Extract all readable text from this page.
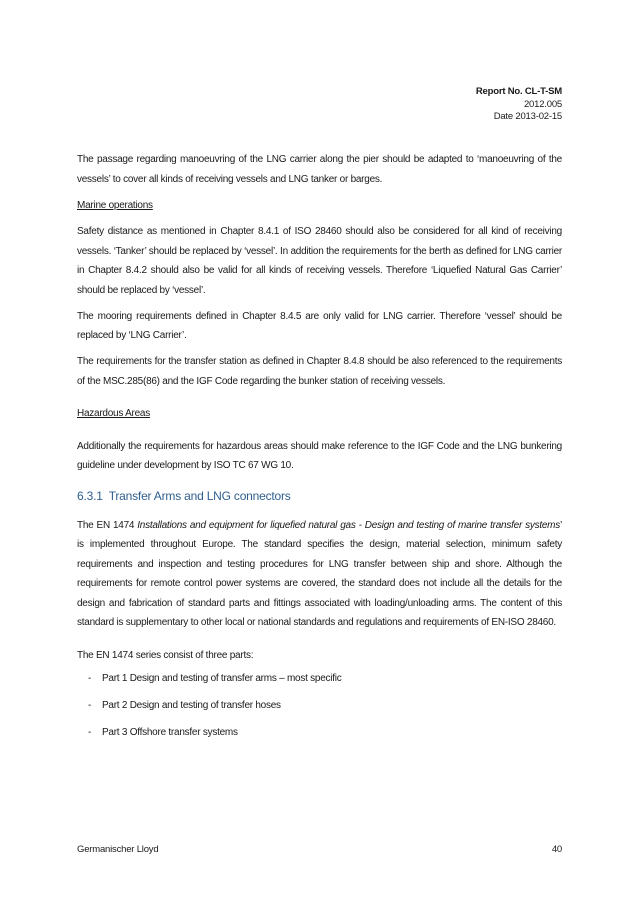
Report No. CL-T-SM
2012.005
Date 2013-02-15

The passage regarding manoeuvring of the LNG carrier along the pier should be adapted to ‘manoeuvring of the vessels’ to cover all kinds of receiving vessels and LNG tanker or barges.

Marine operations

Safety distance as mentioned in Chapter 8.4.1 of ISO 28460 should also be considered for all kind of receiving vessels. ‘Tanker’ should be replaced by ‘vessel’. In addition the requirements for the berth as defined for LNG carrier in Chapter 8.4.2 should also be valid for all kinds of receiving vessels. Therefore ‘Liquefied Natural Gas Carrier’ should be replaced by ‘vessel’.

The mooring requirements defined in Chapter 8.4.5 are only valid for LNG carrier. Therefore ‘vessel’ should be replaced by ‘LNG Carrier’.

The requirements for the transfer station as defined in Chapter 8.4.8 should be also referenced to the requirements of the MSC.285(86) and the IGF Code regarding the bunker station of receiving vessels.

Hazardous Areas

Additionally the requirements for hazardous areas should make reference to the IGF Code and the LNG bunkering guideline under development by ISO TC 67 WG 10.

6.3.1 Transfer Arms and LNG connectors

The EN 1474 Installations and equipment for liquefied natural gas - Design and testing of marine transfer systems’ is implemented throughout Europe. The standard specifies the design, material selection, minimum safety requirements and inspection and testing procedures for LNG transfer between ship and shore. Although the requirements for remote control power systems are covered, the standard does not include all the details for the design and fabrication of standard parts and fittings associated with loading/unloading arms. The content of this standard is supplementary to other local or national standards and regulations and requirements of EN-ISO 28460.

The EN 1474 series consist of three parts:

- Part 1 Design and testing of transfer arms – most specific
- Part 2 Design and testing of transfer hoses
- Part 3 Offshore transfer systems
Germanischer Lloyd	40
